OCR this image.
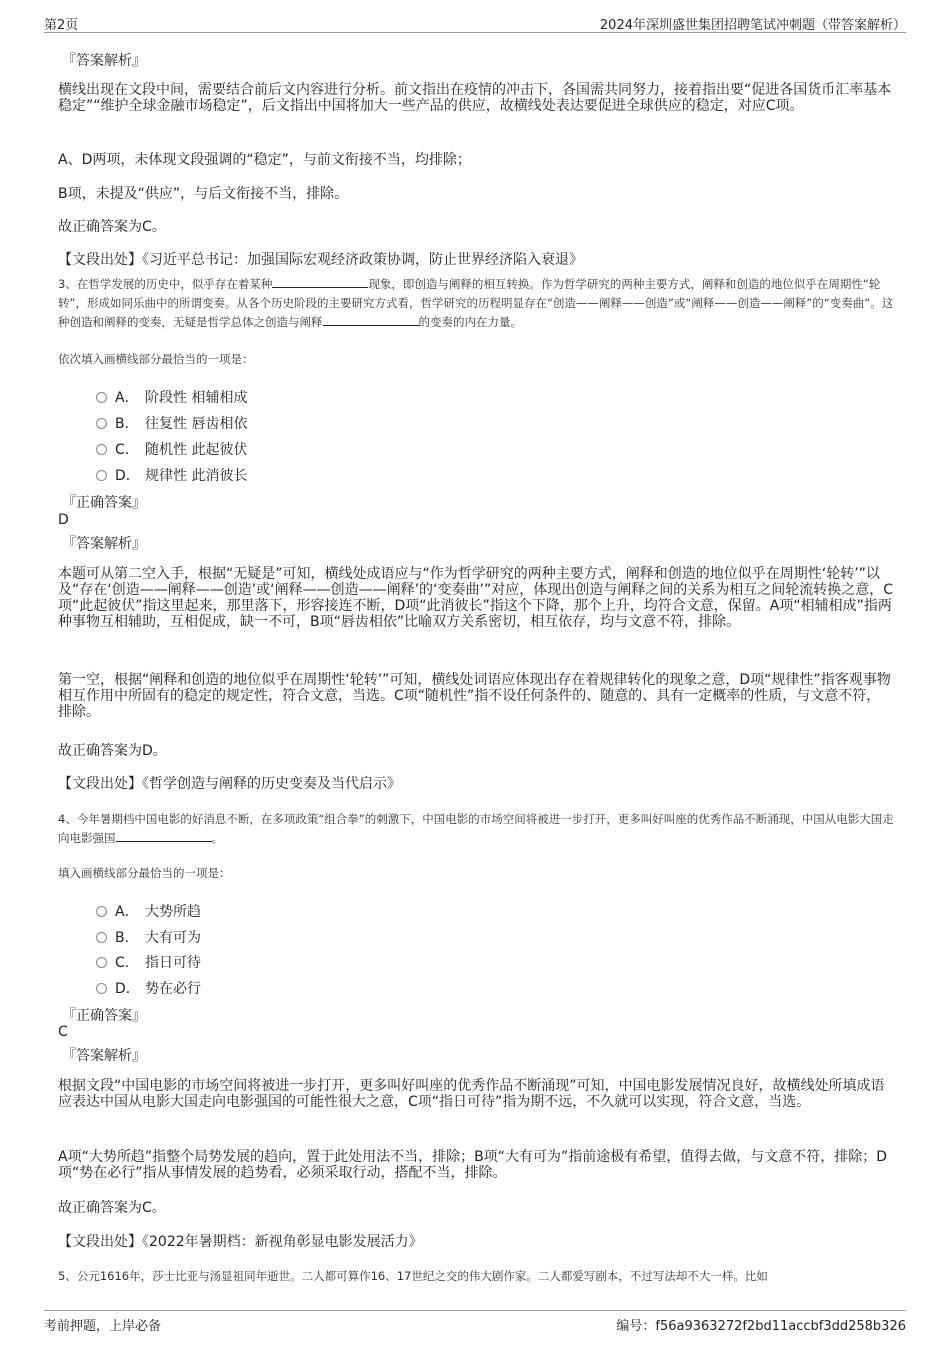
第2页	2024年深圳盛世集团招聘笔试冲刺题（带答案解析）
『答案解析』
横线出现在文段中间，需要结合前后文内容进行分析。前文指出在疫情的冲击下，各国需共同努力，接着指出要“促进各国货币汇率基本稳定”“维护全球金融市场稳定”，后文指出中国将加大一些产品的供应，故横线处表达要促进全球供应的稳定，对应C项。
A、D两项，未体现文段强调的“稳定”，与前文衔接不当，均排除；
B项，未提及“供应”，与后文衔接不当，排除。
故正确答案为C。
【文段出处】《习近平总书记：加强国际宏观经济政策协调，防止世界经济陷入衰退》
3、在哲学发展的历史中，似乎存在着某种	现象，即创造与阐释的相互转换。作为哲学研究的两种主要方式，阐释和创造的地位似乎在周期性“轮转”，形成如同乐曲中的所谓变奏。从各个历史阶段的主要研究方式看，哲学研究的历程明显存在“创造——阐释——创造”或“阐释——创造——阐释”的“变奏曲”。这种创造和阐释的变奏，无疑是哲学总体之创造与阐释	的变奏的内在力量。
依次填入画横线部分最恰当的一项是：
A． 阶段性 相辅相成
B． 往复性 唇齿相依
C． 随机性 此起彼伏
D． 规律性 此消彼长
『正确答案』
D
『答案解析』
本题可从第二空入手，根据“无疑是”可知，横线处成语应与“作为哲学研究的两种主要方式，阐释和创造的地位似乎在周期性‘轮转’”以及“存在‘创造——阐释——创造’或‘阐释——创造——阐释’的‘变奏曲’”对应，体现出创造与阐释之间的关系为相互之间轮流转换之意，C项“此起彼伏”指这里起来，那里落下，形容接连不断，D项“此消彼长”指这个下降，那个上升，均符合文意，保留。A项“相辅相成”指两种事物互相辅助，互相促成，缺一不可，B项“唇齿相依”比喻双方关系密切，相互依存，均与文意不符，排除。
第一空，根据“阐释和创造的地位似乎在周期性‘轮转’”可知，横线处词语应体现出存在着规律转化的现象之意，D项“规律性”指客观事物相互作用中所固有的稳定的规定性，符合文意，当选。C项“随机性”指不设任何条件的、随意的、具有一定概率的性质，与文意不符，排除。
故正确答案为D。
【文段出处】《哲学创造与阐释的历史变奏及当代启示》
4、今年暑期档中国电影的好消息不断，在多项政策“组合拳”的刺激下，中国电影的市场空间将被进一步打开，更多叫好叫座的优秀作品不断涌现，中国从电影大国走向电影强国	。
填入画横线部分最恰当的一项是：
A． 大势所趋
B． 大有可为
C． 指日可待
D． 势在必行
『正确答案』
C
『答案解析』
根据文段“中国电影的市场空间将被进一步打开，更多叫好叫座的优秀作品不断涌现”可知，中国电影发展情况良好，故横线处所填成语应表达中国从电影大国走向电影强国的可能性很大之意，C项“指日可待”指为期不远，不久就可以实现，符合文意，当选。
A项“大势所趋”指整个局势发展的趋向，置于此处用法不当，排除；B项“大有可为”指前途极有希望，值得去做，与文意不符，排除；D项“势在必行”指从事情发展的趋势看，必须采取行动，搭配不当，排除。
故正确答案为C。
【文段出处】《2022年暑期档：新视角彰显电影发展活力》
5、公元1616年，莎士比亚与汤显祖同年逝世。二人都可算作16、17世纪之交的伟大剧作家。二人都爱写剧本，不过写法却不大一样。比如
考前押题，上岸必备	编号：f56a9363272f2bd11accbf3dd258b326
